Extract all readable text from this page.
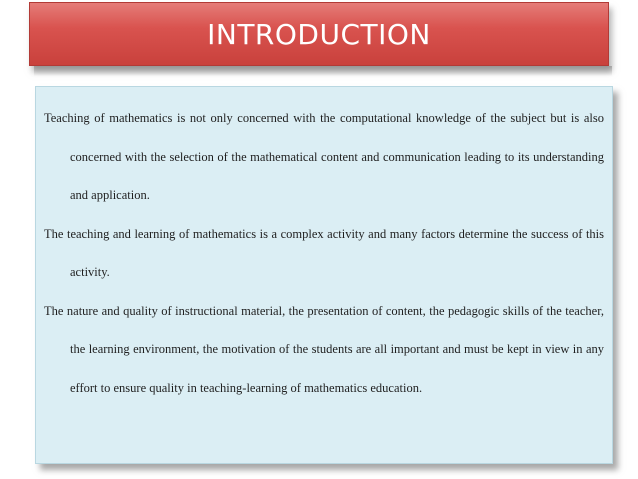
INTRODUCTION

Teaching of mathematics is not only concerned with the computational knowledge of the subject but is also concerned with the selection of the mathematical content and communication leading to its understanding and application.

The teaching and learning of mathematics is a complex activity and many factors determine the success of this activity.

The nature and quality of instructional material, the presentation of content, the pedagogic skills of the teacher, the learning environment, the motivation of the students are all important and must be kept in view in any effort to ensure quality in teaching-learning of mathematics education.
